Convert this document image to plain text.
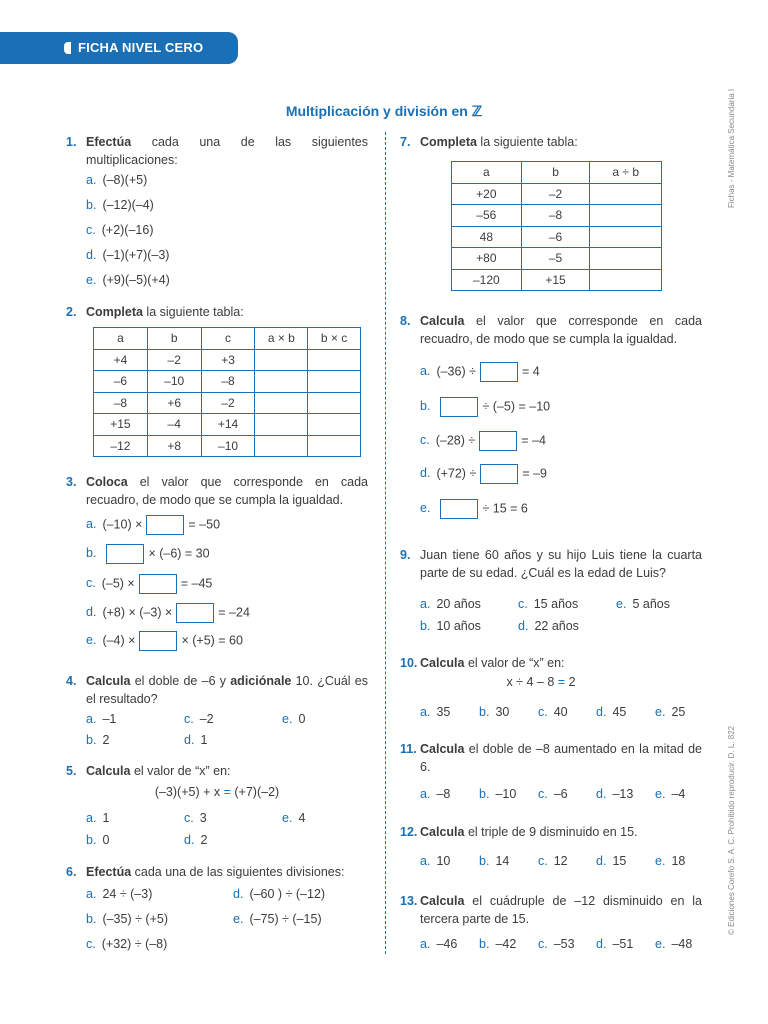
FICHA NIVEL CERO
Fichas - Matemática Secundaria I
© Ediciones Corefo S. A. C. Prohibido reproducir. D. L. 822
Multiplicación y división en ℤ
1. Efectúa cada una de las siguientes multiplicaciones:
a. (–8)(+5)
b. (–12)(–4)
c. (+2)(–16)
d. (–1)(+7)(–3)
e. (+9)(–5)(+4)
2. Completa la siguiente tabla:
a	b	c	a × b	b × c
+4	–2	+3		
–6	–10	–8		
–8	+6	–2		
+15	–4	+14		
–12	+8	–10		
3. Coloca el valor que corresponde en cada recuadro, de modo que se cumpla la igualdad.
a. (–10) ×	= –50
b.	× (–6) = 30
c. (–5) ×	= –45
d. (+8) × (–3) ×	= –24
e. (–4) ×	× (+5) = 60
4. Calcula el doble de –6 y adiciónale 10. ¿Cuál es el resultado?
a. –1	c. –2	e. 0
b. 2	d. 1
5. Calcula el valor de “x” en:
(–3)(+5) + x = (+7)(–2)
a. 1	c. 3	e. 4
b. 0	d. 2
6. Efectúa cada una de las siguientes divisiones:
a. 24 ÷ (–3)	d. (–60 ) ÷ (–12)
b. (–35) ÷ (+5)	e. (–75) ÷ (–15)
c. (+32) ÷ (–8)
7. Completa la siguiente tabla:
a	b	a ÷ b
+20	–2	
–56	–8	
48	–6	
+80	–5	
–120	+15	
8. Calcula el valor que corresponde en cada recuadro, de modo que se cumpla la igualdad.
a. (–36) ÷	= 4
b.	÷ (–5) = –10
c. (–28) ÷	= –4
d. (+72) ÷	= –9
e.	÷ 15 = 6
9. Juan tiene 60 años y su hijo Luis tiene la cuarta parte de su edad. ¿Cuál es la edad de Luis?
a. 20 años	c. 15 años	e. 5 años
b. 10 años	d. 22 años
10. Calcula el valor de “x” en:
x ÷ 4 – 8 = 2
a. 35 b. 30 c. 40 d. 45 e. 25
11. Calcula el doble de –8 aumentado en la mitad de 6.
a. –8 b. –10 c. –6 d. –13 e. –4
12. Calcula el triple de 9 disminuido en 15.
a. 10 b. 14 c. 12 d. 15 e. 18
13. Calcula el cuádruple de –12 disminuido en la tercera parte de 15.
a. –46 b. –42 c. –53 d. –51 e. –48
